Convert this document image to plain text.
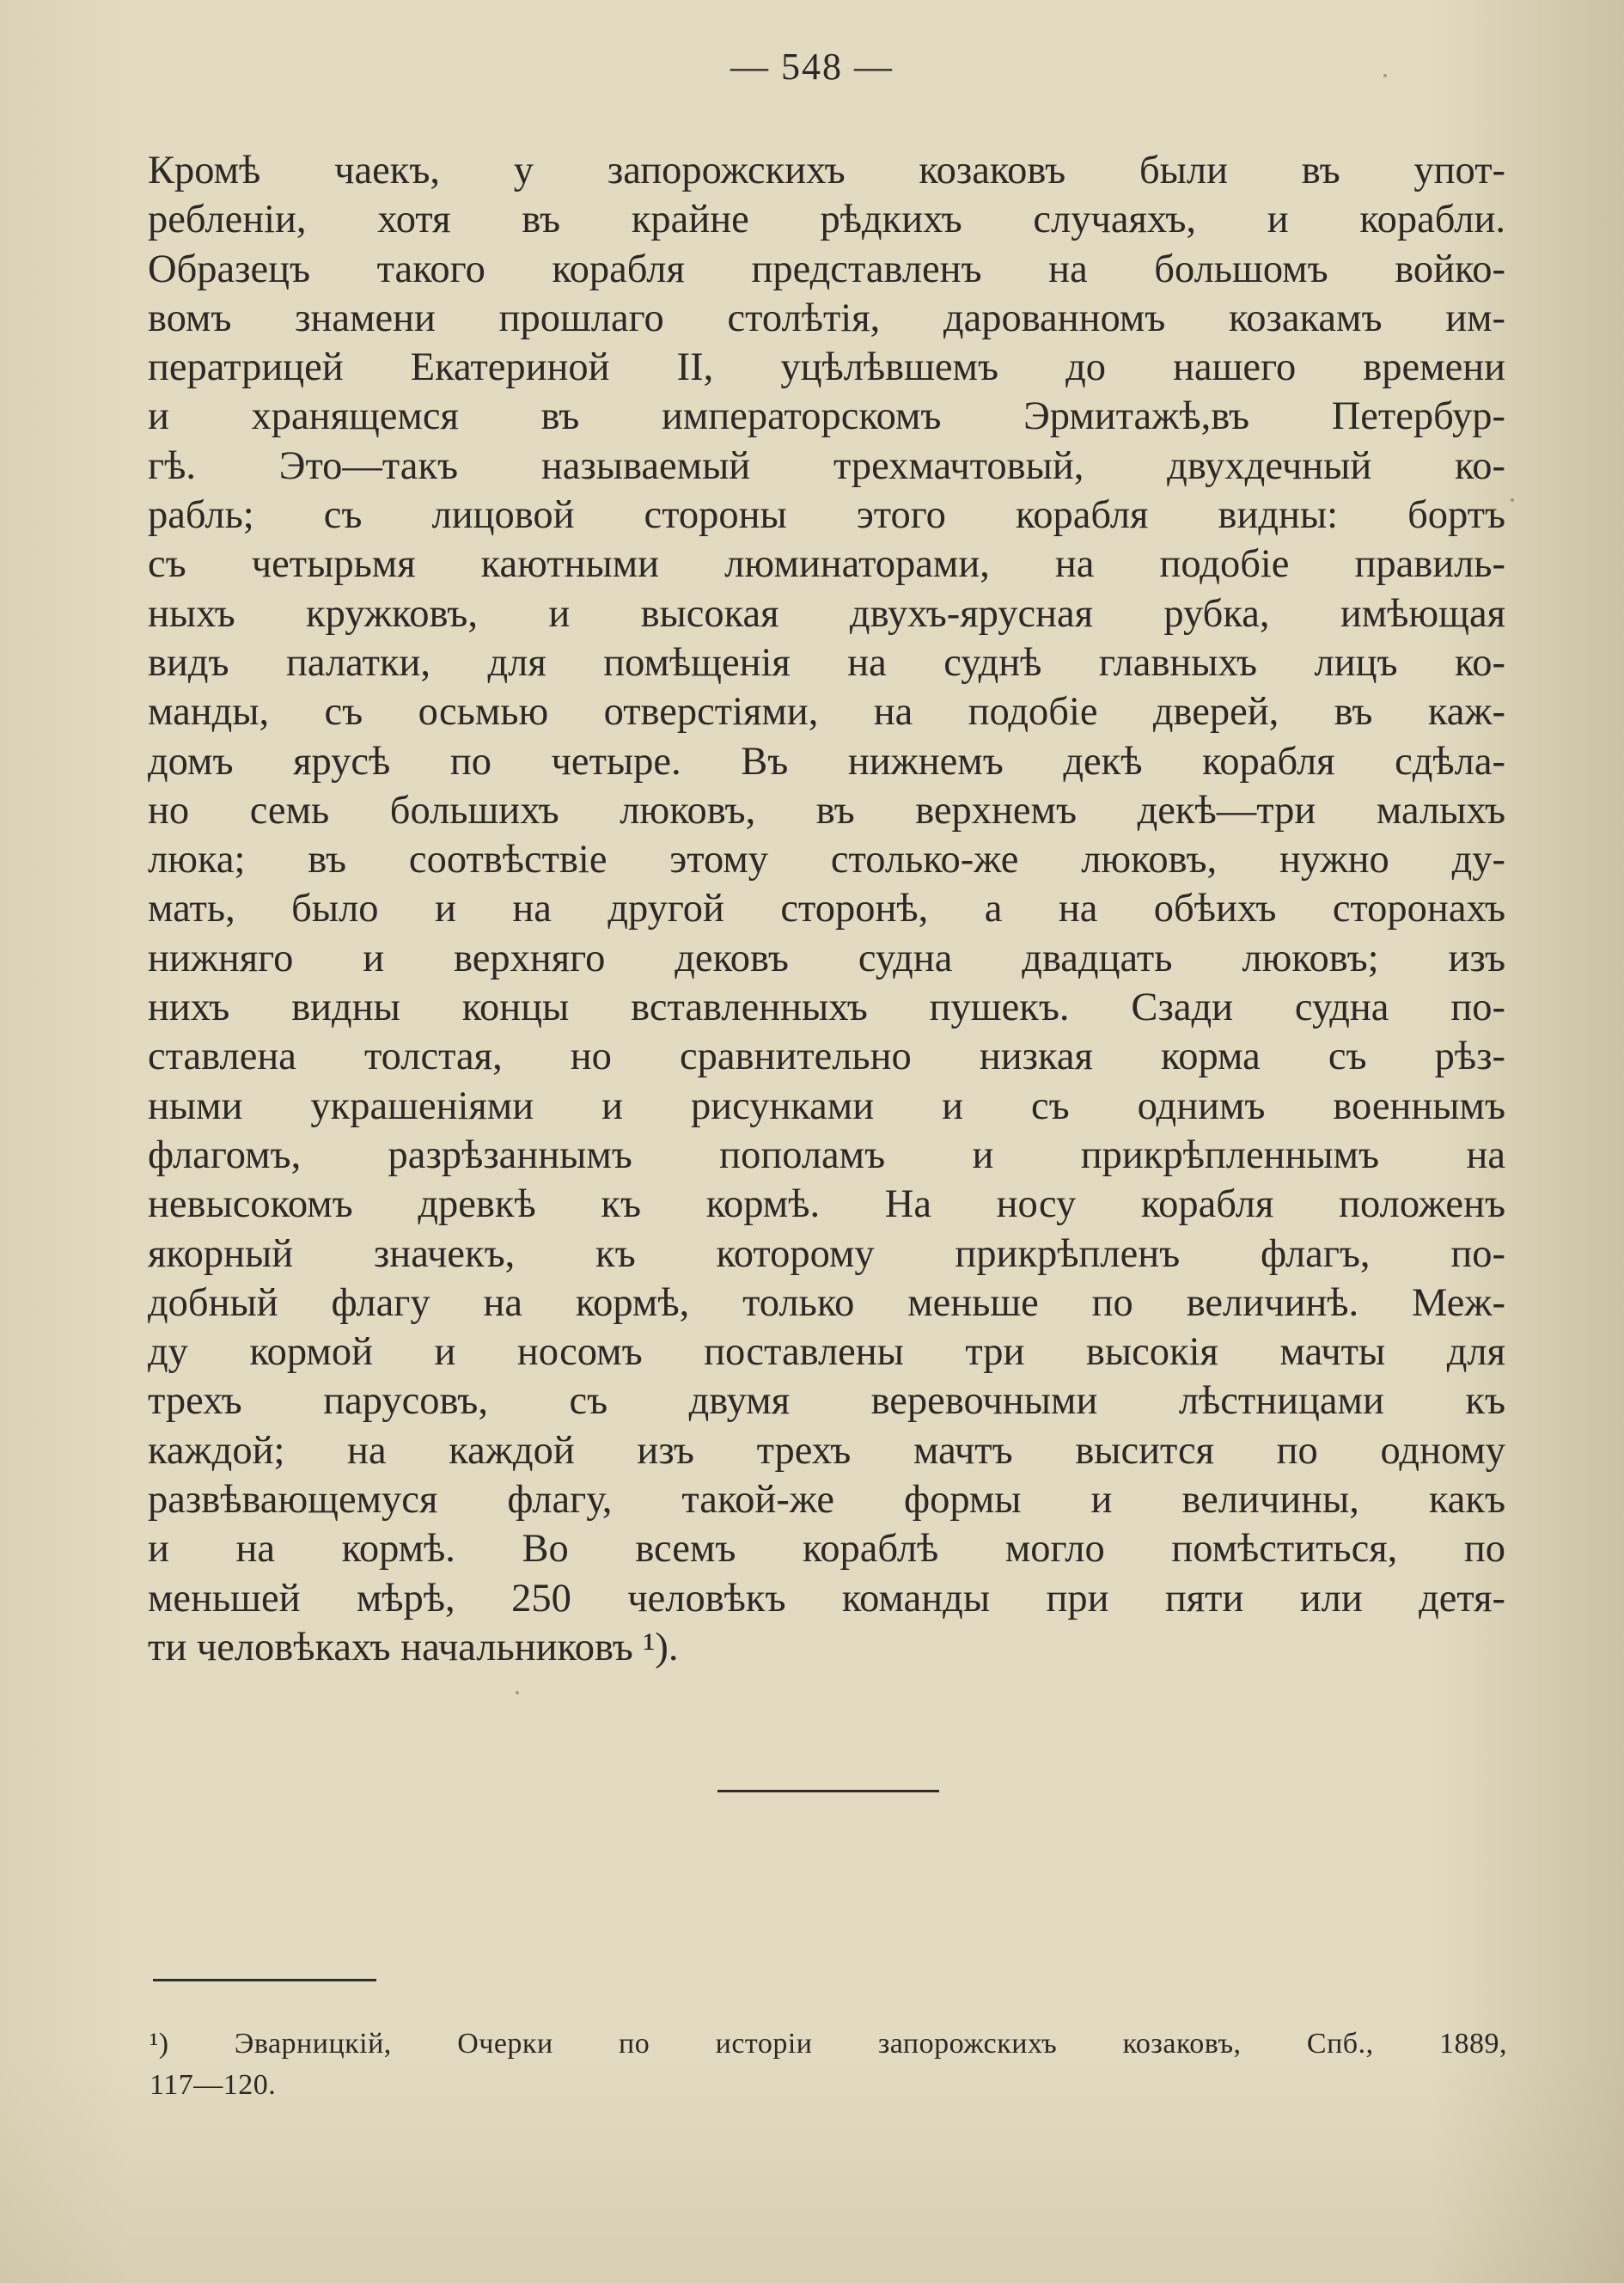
— 548 —
Кромѣ чаекъ, у запорожскихъ козаковъ были въ упот-
ребленіи, хотя въ крайне рѣдкихъ случаяхъ, и корабли.
Образецъ такого корабля представленъ на большомъ войко-
вомъ знамени прошлаго столѣтія, дарованномъ козакамъ им-
ператрицей Екатериной II, уцѣлѣвшемъ до нашего времени
и хранящемся въ императорскомъ Эрмитажѣ,въ Петербур-
гѣ. Это—такъ называемый трехмачтовый, двухдечный ко-
рабль; съ лицовой стороны этого корабля видны: бортъ
съ четырьмя каютными люминаторами, на подобіе правиль-
ныхъ кружковъ, и высокая двухъ-ярусная рубка, имѣющая
видъ палатки, для помѣщенія на суднѣ главныхъ лицъ ко-
манды, съ осьмью отверстіями, на подобіе дверей, въ каж-
домъ ярусѣ по четыре. Въ нижнемъ декѣ корабля сдѣла-
но семь большихъ люковъ, въ верхнемъ декѣ—три малыхъ
люка; въ соотвѣствіе этому столько-же люковъ, нужно ду-
мать, было и на другой сторонѣ, а на обѣихъ сторонахъ
нижняго и верхняго дековъ судна двадцать люковъ; изъ
нихъ видны концы вставленныхъ пушекъ. Сзади судна по-
ставлена толстая, но сравнительно низкая корма съ рѣз-
ными украшеніями и рисунками и съ однимъ военнымъ
флагомъ, разрѣзаннымъ пополамъ и прикрѣпленнымъ на
невысокомъ древкѣ къ кормѣ. На носу корабля положенъ
якорный значекъ, къ которому прикрѣпленъ флагъ, по-
добный флагу на кормѣ, только меньше по величинѣ. Меж-
ду кормой и носомъ поставлены три высокія мачты для
трехъ парусовъ, съ двумя веревочными лѣстницами къ
каждой; на каждой изъ трехъ мачтъ высится по одному
развѣвающемуся флагу, такой-же формы и величины, какъ
и на кормѣ. Во всемъ кораблѣ могло помѣститься, по
меньшей мѣрѣ, 250 человѣкъ команды при пяти или детя-
ти человѣкахъ начальниковъ ¹).
¹) Эварницкій, Очерки по исторіи запорожскихъ козаковъ, Спб., 1889,
117—120.
